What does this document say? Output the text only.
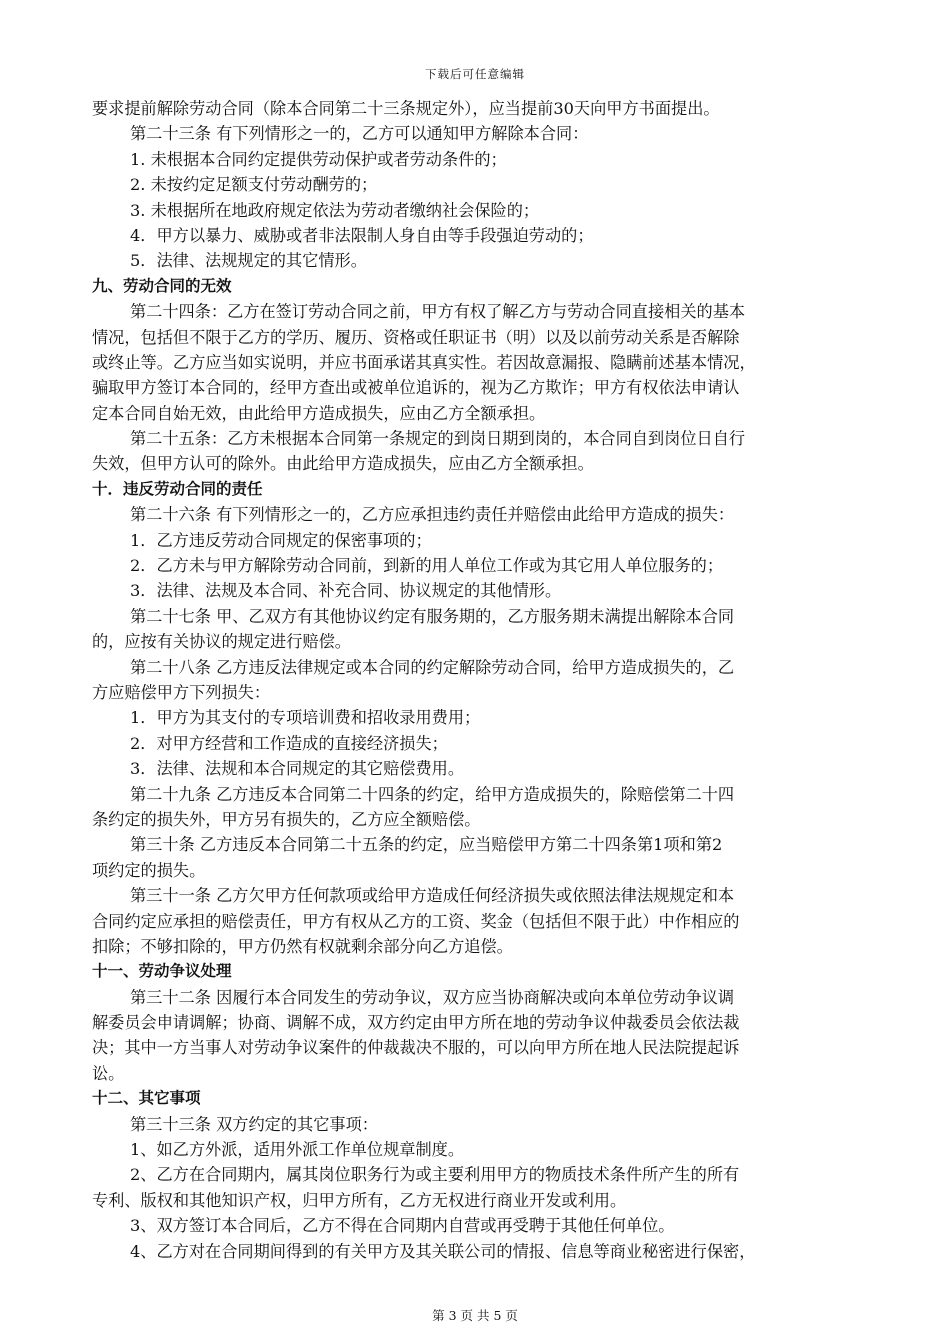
下载后可任意编辑
要求提前解除劳动合同（除本合同第二十三条规定外），应当提前30天向甲方书面提出。
第二十三条 有下列情形之一的，乙方可以通知甲方解除本合同：
1. 未根据本合同约定提供劳动保护或者劳动条件的；
2. 未按约定足额支付劳动酬劳的；
3. 未根据所在地政府规定依法为劳动者缴纳社会保险的；
4．甲方以暴力、威胁或者非法限制人身自由等手段强迫劳动的；
5．法律、法规规定的其它情形。
九、劳动合同的无效
第二十四条：乙方在签订劳动合同之前，甲方有权了解乙方与劳动合同直接相关的基本
情况，包括但不限于乙方的学历、履历、资格或任职证书（明）以及以前劳动关系是否解除
或终止等。乙方应当如实说明，并应书面承诺其真实性。若因故意漏报、隐瞒前述基本情况，
骗取甲方签订本合同的，经甲方查出或被单位追诉的，视为乙方欺诈；甲方有权依法申请认
定本合同自始无效，由此给甲方造成损失，应由乙方全额承担。
第二十五条：乙方未根据本合同第一条规定的到岗日期到岗的，本合同自到岗位日自行
失效，但甲方认可的除外。由此给甲方造成损失，应由乙方全额承担。
十．违反劳动合同的责任
第二十六条 有下列情形之一的，乙方应承担违约责任并赔偿由此给甲方造成的损失：
1．乙方违反劳动合同规定的保密事项的；
2．乙方未与甲方解除劳动合同前，到新的用人单位工作或为其它用人单位服务的；
3．法律、法规及本合同、补充合同、协议规定的其他情形。
第二十七条 甲、乙双方有其他协议约定有服务期的，乙方服务期未满提出解除本合同
的，应按有关协议的规定进行赔偿。
第二十八条 乙方违反法律规定或本合同的约定解除劳动合同，给甲方造成损失的，乙
方应赔偿甲方下列损失：
1．甲方为其支付的专项培训费和招收录用费用；
2．对甲方经营和工作造成的直接经济损失；
3．法律、法规和本合同规定的其它赔偿费用。
第二十九条 乙方违反本合同第二十四条的约定，给甲方造成损失的，除赔偿第二十四
条约定的损失外，甲方另有损失的，乙方应全额赔偿。
第三十条 乙方违反本合同第二十五条的约定，应当赔偿甲方第二十四条第1项和第2
项约定的损失。
第三十一条 乙方欠甲方任何款项或给甲方造成任何经济损失或依照法律法规规定和本
合同约定应承担的赔偿责任，甲方有权从乙方的工资、奖金（包括但不限于此）中作相应的
扣除；不够扣除的，甲方仍然有权就剩余部分向乙方追偿。
十一、劳动争议处理
第三十二条 因履行本合同发生的劳动争议，双方应当协商解决或向本单位劳动争议调
解委员会申请调解；协商、调解不成，双方约定由甲方所在地的劳动争议仲裁委员会依法裁
决；其中一方当事人对劳动争议案件的仲裁裁决不服的，可以向甲方所在地人民法院提起诉
讼。
十二、其它事项
第三十三条 双方约定的其它事项：
1、如乙方外派，适用外派工作单位规章制度。
2、乙方在合同期内，属其岗位职务行为或主要利用甲方的物质技术条件所产生的所有
专利、版权和其他知识产权，归甲方所有，乙方无权进行商业开发或利用。
3、双方签订本合同后，乙方不得在合同期内自营或再受聘于其他任何单位。
4、乙方对在合同期间得到的有关甲方及其关联公司的情报、信息等商业秘密进行保密，
第 3 页 共 5 页
